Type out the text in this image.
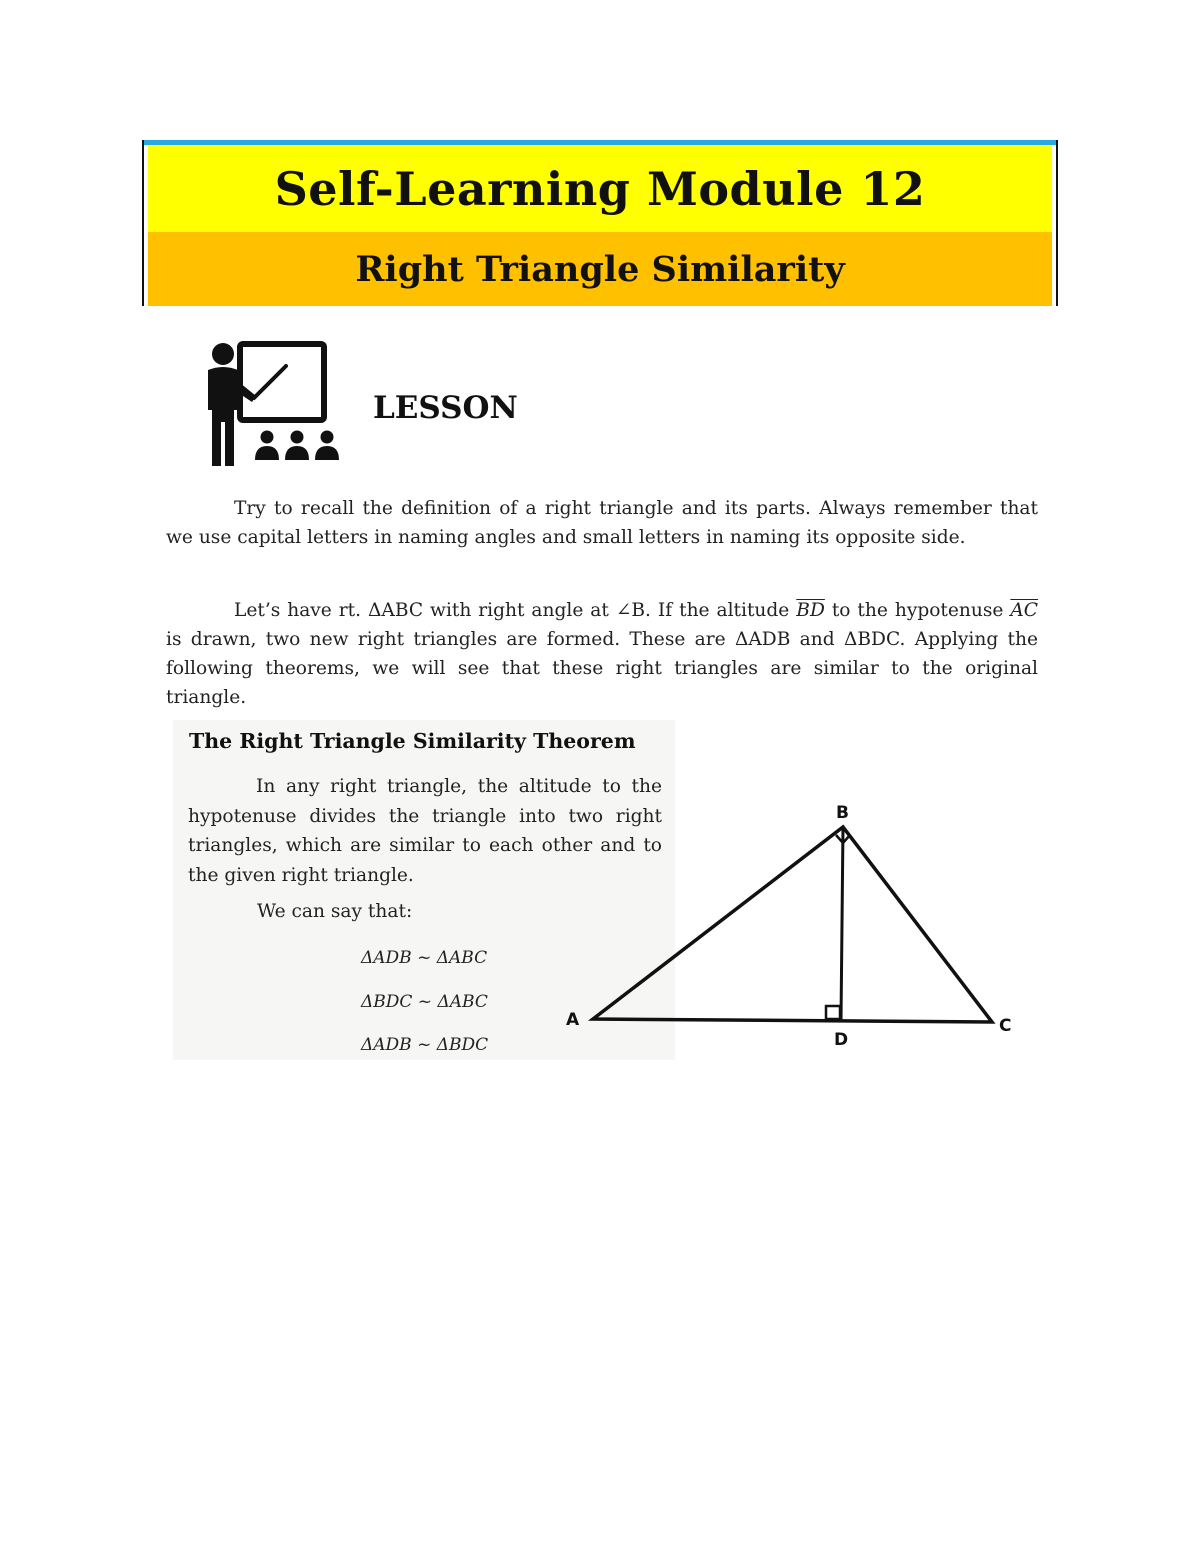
Self-Learning Module 12
Right Triangle Similarity
LESSON

Try to recall the definition of a right triangle and its parts. Always remember that we use capital letters in naming angles and small letters in naming its opposite side.

Let’s have rt. ΔABC with right angle at ∠B. If the altitude $\overline{BD}$ to the hypotenuse $\overline{AC}$ is drawn, two new right triangles are formed. These are ΔADB and ΔBDC. Applying the following theorems, we will see that these right triangles are similar to the original triangle.

The Right Triangle Similarity Theorem

In any right triangle, the altitude to the hypotenuse divides the triangle into two right triangles, which are similar to each other and to the given right triangle.

We can say that:

ΔADB ~ ΔABC

ΔBDC ~ ΔABC

ΔADB ~ ΔBDC

B
A	C
D
